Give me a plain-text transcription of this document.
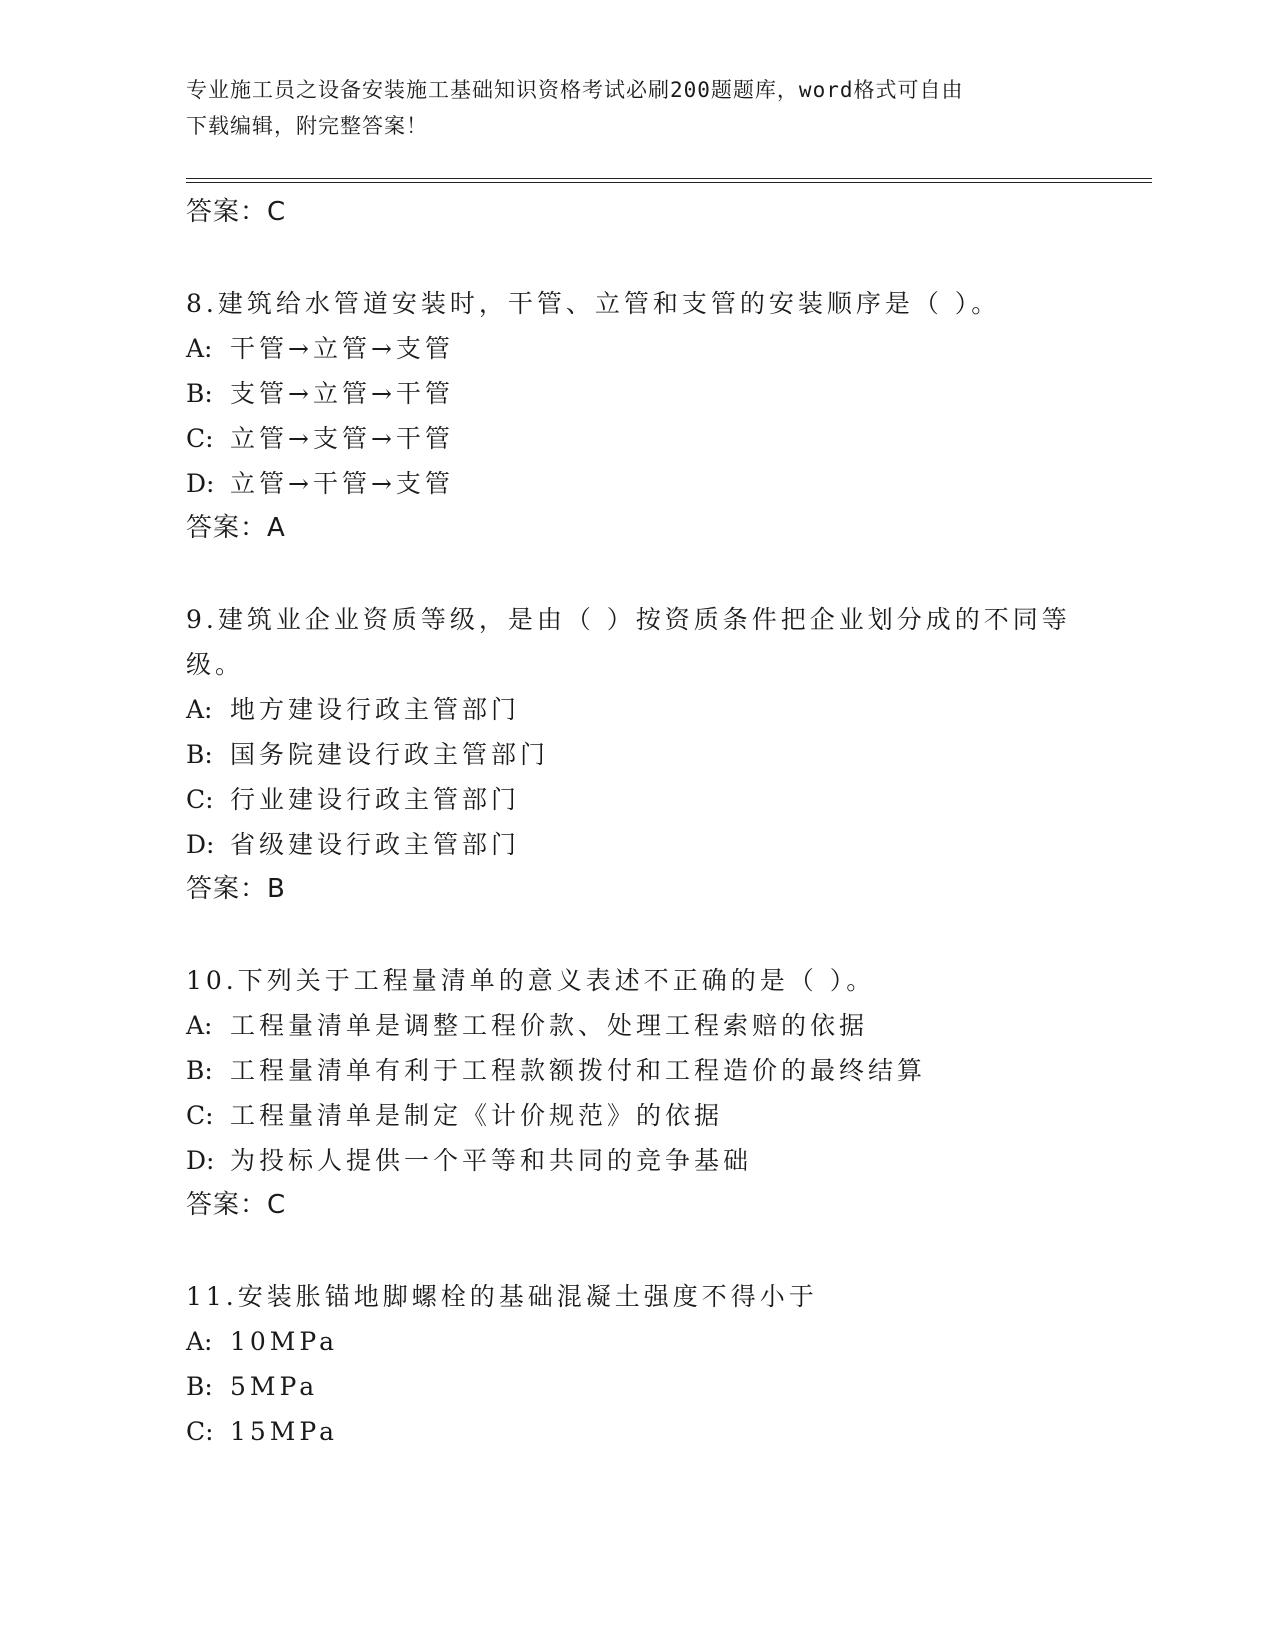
专业施工员之设备安装施工基础知识资格考试必刷200题题库，word格式可自由
下载编辑，附完整答案！
答案：C

8.建筑给水管道安装时，干管、立管和支管的安装顺序是（ ）。

A: 干管→立管→支管
B: 支管→立管→干管
C: 立管→支管→干管
D: 立管→干管→支管
答案：A

9.建筑业企业资质等级，是由（ ）按资质条件把企业划分成的不同等级。

A: 地方建设行政主管部门
B: 国务院建设行政主管部门
C: 行业建设行政主管部门
D: 省级建设行政主管部门
答案：B

10.下列关于工程量清单的意义表述不正确的是（ ）。

A: 工程量清单是调整工程价款、处理工程索赔的依据
B: 工程量清单有利于工程款额拨付和工程造价的最终结算
C: 工程量清单是制定《计价规范》的依据
D: 为投标人提供一个平等和共同的竞争基础
答案：C

11.安装胀锚地脚螺栓的基础混凝土强度不得小于

A: 10MPa
B: 5MPa
C: 15MPa
